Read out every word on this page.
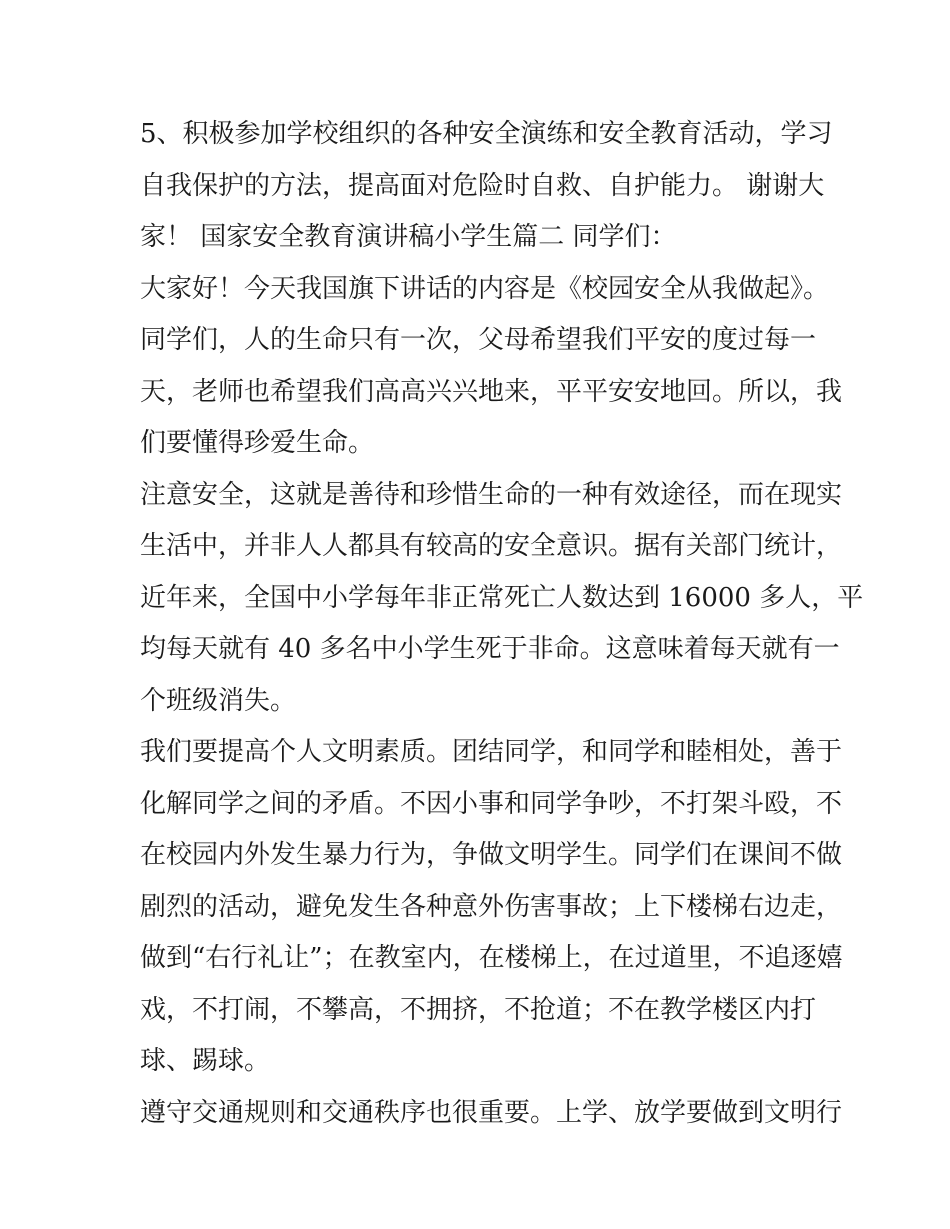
5、积极参加学校组织的各种安全演练和安全教育活动，学习
自我保护的方法，提高面对危险时自救、自护能力。 谢谢大
家！ 国家安全教育演讲稿小学生篇二 同学们：
大家好！今天我国旗下讲话的内容是《校园安全从我做起》。
同学们，人的生命只有一次，父母希望我们平安的度过每一
天，老师也希望我们高高兴兴地来，平平安安地回。所以，我
们要懂得珍爱生命。
注意安全，这就是善待和珍惜生命的一种有效途径，而在现实
生活中，并非人人都具有较高的安全意识。据有关部门统计，
近年来，全国中小学每年非正常死亡人数达到 16000 多人，平
均每天就有 40 多名中小学生死于非命。这意味着每天就有一
个班级消失。
我们要提高个人文明素质。团结同学，和同学和睦相处，善于
化解同学之间的矛盾。不因小事和同学争吵，不打架斗殴，不
在校园内外发生暴力行为，争做文明学生。同学们在课间不做
剧烈的活动，避免发生各种意外伤害事故；上下楼梯右边走，
做到“右行礼让”；在教室内，在楼梯上，在过道里，不追逐嬉
戏，不打闹，不攀高，不拥挤，不抢道；不在教学楼区内打
球、踢球。
遵守交通规则和交通秩序也很重要。上学、放学要做到文明行
